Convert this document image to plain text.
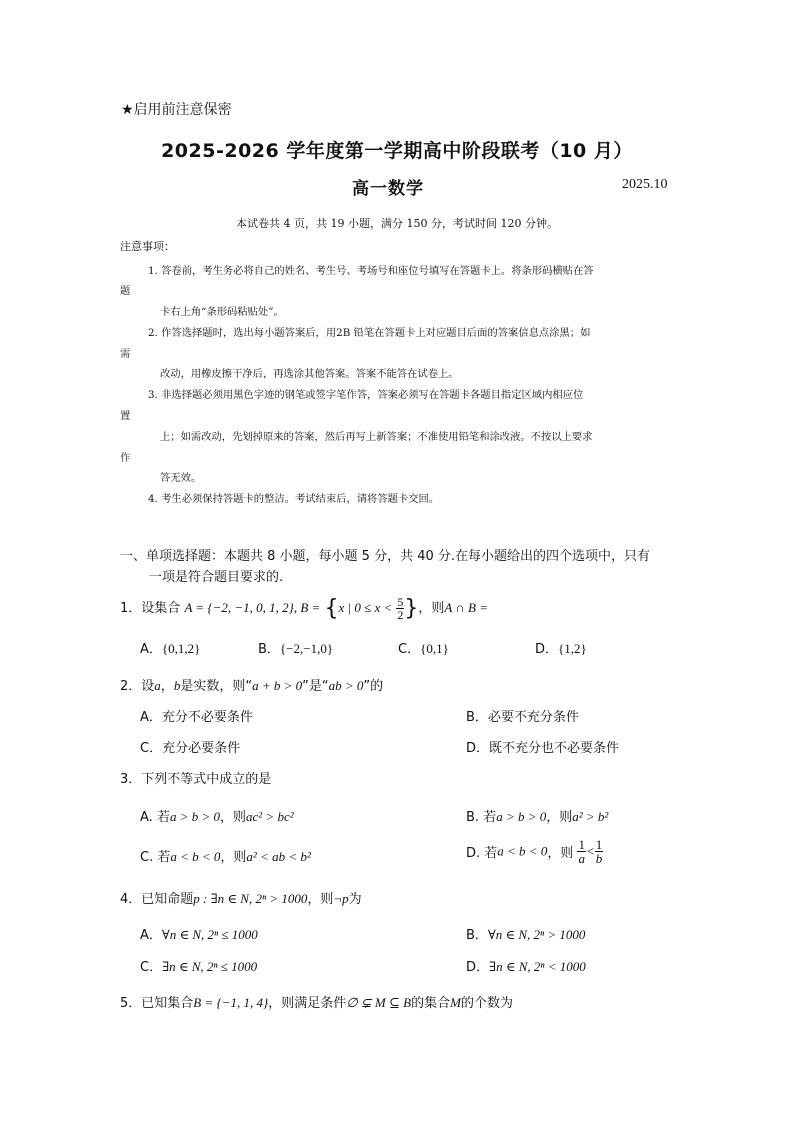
★启用前注意保密
2025-2026 学年度第一学期高中阶段联考（10 月）
高一数学	2025.10
本试卷共 4 页，共 19 小题，满分 150 分，考试时间 120 分钟。
注意事项：
1. 答卷前，考生务必将自己的姓名、考生号、考场号和座位号填写在答题卡上。将条形码横贴在答
题
卡右上角“条形码粘贴处”。
2. 作答选择题时，选出每小题答案后，用2B 铅笔在答题卡上对应题目后面的答案信息点涂黑；如
需
改动，用橡皮擦干净后，再选涂其他答案。答案不能答在试卷上。
3. 非选择题必须用黑色字迹的钢笔或签字笔作答，答案必须写在答题卡各题目指定区域内相应位
置
上；如需改动，先划掉原来的答案，然后再写上新答案；不准使用铅笔和涂改液。不按以上要求
作
答无效。
4. 考生必须保持答题卡的整洁。考试结束后，请将答题卡交回。
一、单项选择题：本题共 8 小题，每小题 5 分，共 40 分.在每小题给出的四个选项中，只有
一项是符合题目要求的.
1．设集合 A = {−2, −1, 0, 1, 2}, B = {x | $0 \le x < \frac{5}{2}$ }，则A ∩ B =
A．{0,1,2}	B．{−2,−1,0}	C．{0,1}	D．{1,2}
2．设a，b是实数，则“a + b > 0”是“ab > 0”的
A．充分不必要条件	B．必要不充分条件
C．充分必要条件	D．既不充分也不必要条件
3．下列不等式中成立的是
A. 若a > b > 0，则ac² > bc²	B. 若a > b > 0，则a² > b²
C. 若a < b < 0，则a² < ab < b²	D. 若a < b < 0，则 $\frac{1}{a} < \frac{1}{b}$
4．已知命题p : ∃n ∈ N, 2ⁿ > 1000，则¬p为
A．∀n ∈ N, 2ⁿ ≤ 1000	B．∀n ∈ N, 2ⁿ > 1000
C．∃n ∈ N, 2ⁿ ≤ 1000	D．∃n ∈ N, 2ⁿ < 1000
5．已知集合B = {−1, 1, 4}，则满足条件∅ ⊊ M ⊆ B的集合M的个数为
